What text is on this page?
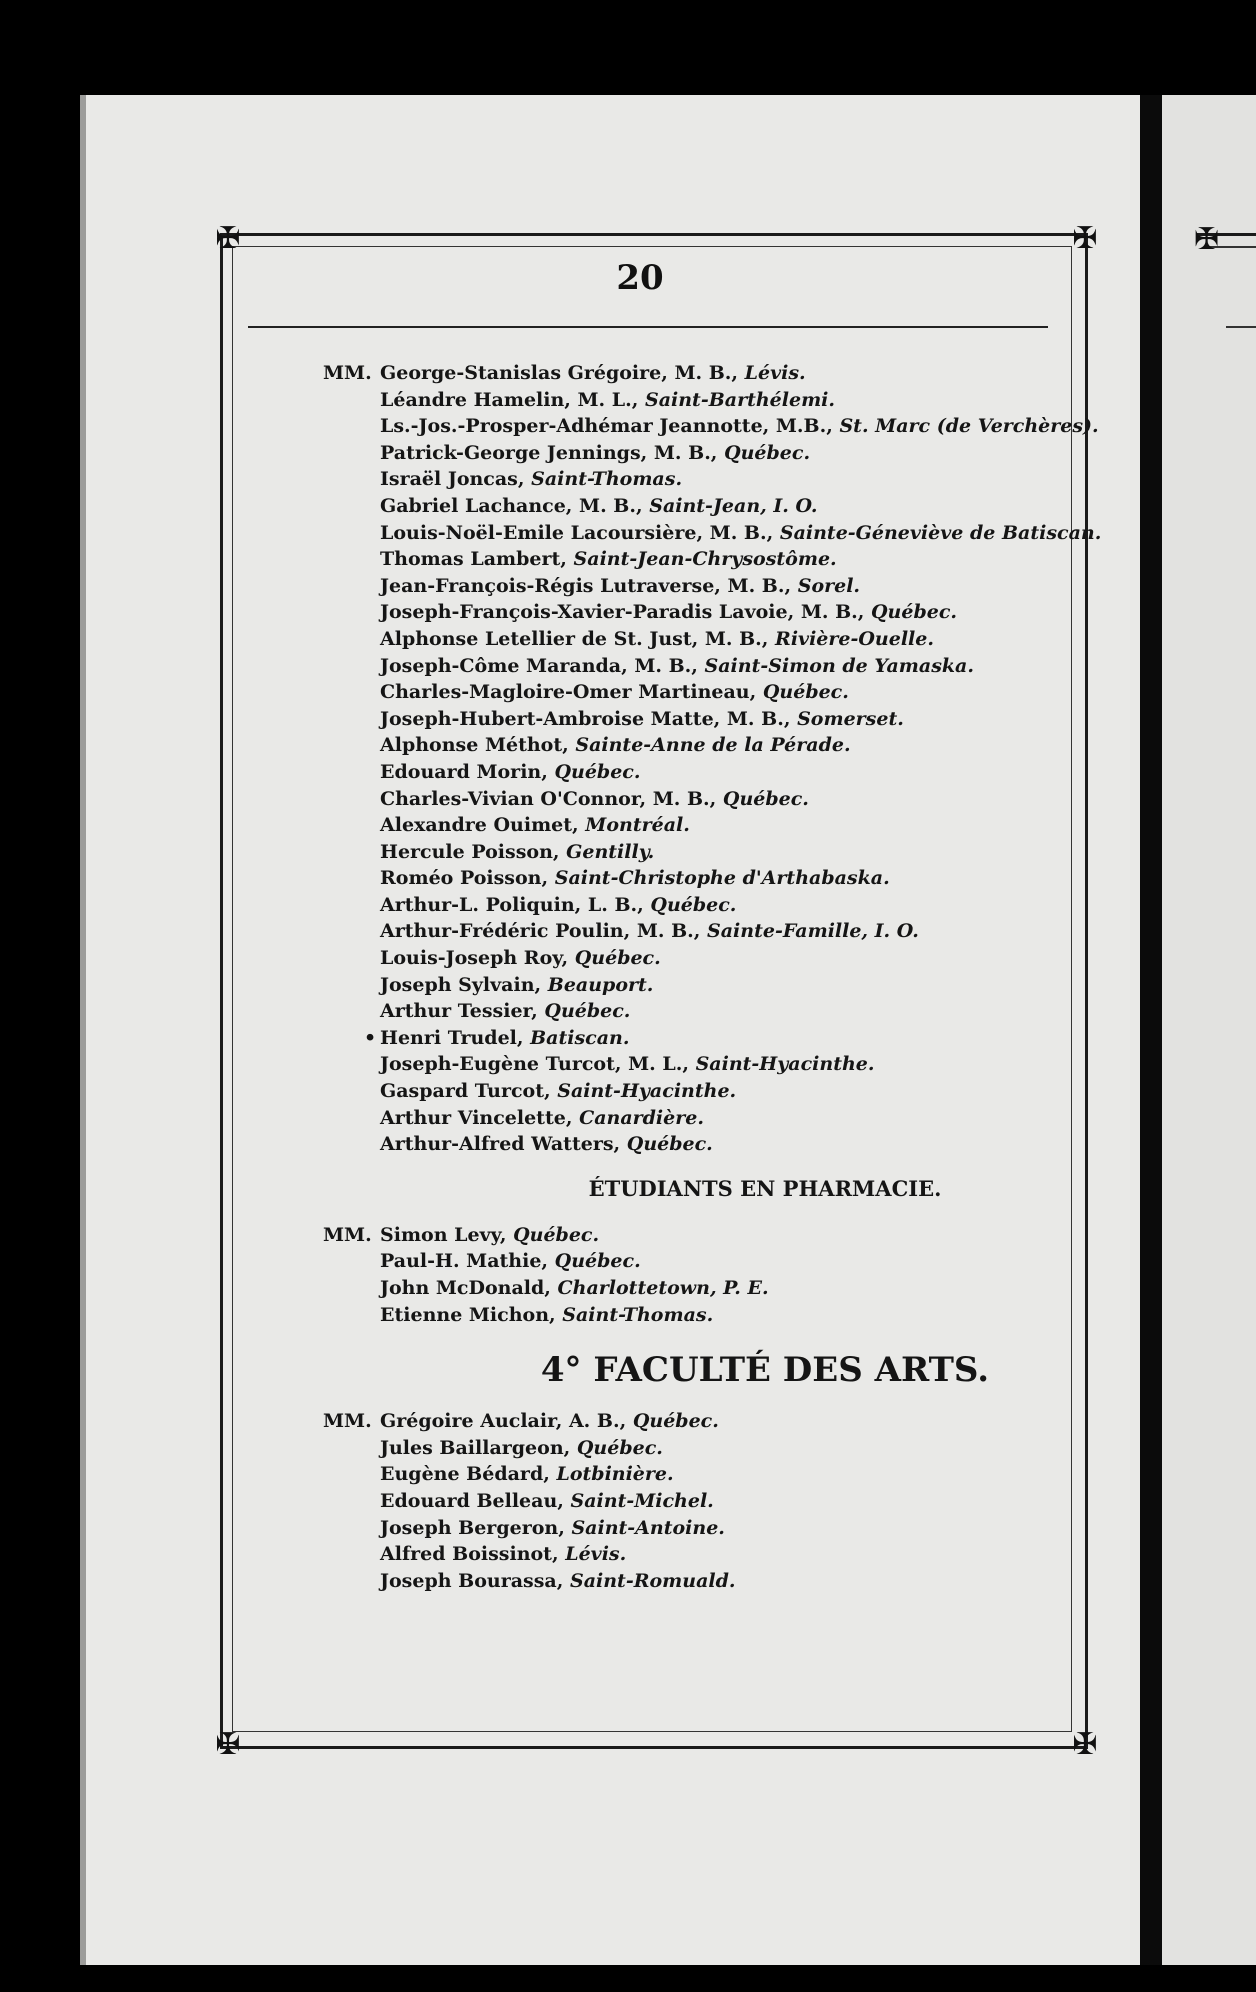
✠
✠	✠
✠	✠
20
MM. George-Stanislas Grégoire, M. B., Lévis.
Léandre Hamelin, M. L., Saint-Barthélemi.
Ls.-Jos.-Prosper-Adhémar Jeannotte, M.B., St. Marc (de Verchères).
Patrick-George Jennings, M. B., Québec.
Israël Joncas, Saint-Thomas.
Gabriel Lachance, M. B., Saint-Jean, I. O.
Louis-Noël-Emile Lacoursière, M. B., Sainte-Géneviève de Batiscan.
Thomas Lambert, Saint-Jean-Chrysostôme.
Jean-François-Régis Lutraverse, M. B., Sorel.
Joseph-François-Xavier-Paradis Lavoie, M. B., Québec.
Alphonse Letellier de St. Just, M. B., Rivière-Ouelle.
Joseph-Côme Maranda, M. B., Saint-Simon de Yamaska.
Charles-Magloire-Omer Martineau, Québec.
Joseph-Hubert-Ambroise Matte, M. B., Somerset.
Alphonse Méthot, Sainte-Anne de la Pérade.
Edouard Morin, Québec.
Charles-Vivian O'Connor, M. B., Québec.
Alexandre Ouimet, Montréal.
Hercule Poisson, Gentilly.
Roméo Poisson, Saint-Christophe d'Arthabaska.
Arthur-L. Poliquin, L. B., Québec.
Arthur-Frédéric Poulin, M. B., Sainte-Famille, I. O.
Louis-Joseph Roy, Québec.
Joseph Sylvain, Beauport.
Arthur Tessier, Québec.
• Henri Trudel, Batiscan.
Joseph-Eugène Turcot, M. L., Saint-Hyacinthe.
Gaspard Turcot, Saint-Hyacinthe.
Arthur Vincelette, Canardière.
Arthur-Alfred Watters, Québec.
ÉTUDIANTS EN PHARMACIE.
MM. Simon Levy, Québec.
Paul-H. Mathie, Québec.
John McDonald, Charlottetown, P. E.
Etienne Michon, Saint-Thomas.
4° FACULTÉ DES ARTS.
MM. Grégoire Auclair, A. B., Québec.
Jules Baillargeon, Québec.
Eugène Bédard, Lotbinière.
Edouard Belleau, Saint-Michel.
Joseph Bergeron, Saint-Antoine.
Alfred Boissinot, Lévis.
Joseph Bourassa, Saint-Romuald.
